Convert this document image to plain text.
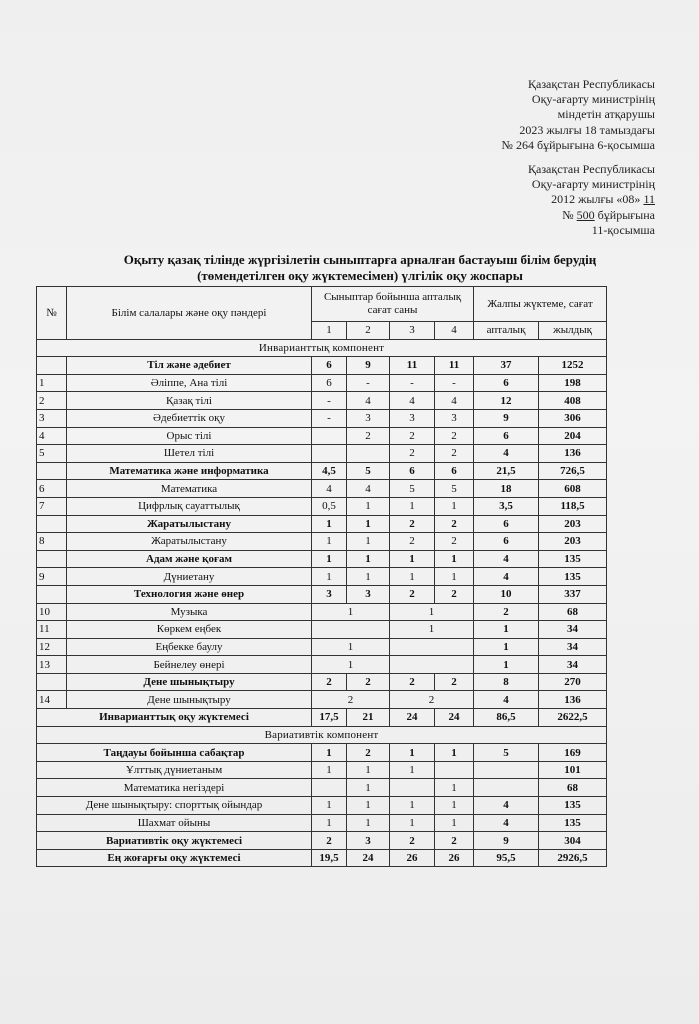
Қазақстан Республикасы
Оқу-ағарту министрінің
міндетін атқарушы
2023 жылғы 18 тамыздағы
№ 264 бұйрығына 6-қосымша
Қазақстан Республикасы
Оқу-ағарту министрінің
2012 жылғы «08» 11
№ 500 бұйрығына
11-қосымша
Оқыту қазақ тілінде жүргізілетін сыныптарға арналған бастауыш білім берудің
(төмендетілген оқу жүктемесімен) үлгілік оқу жоспары
№	Білім салалары және оқу пәндері	Сыныптар бойынша апталық сағат саны				Жалпы жүктеме, сағат	
		1	2	3	4	апталық	жылдық
Инварианттық компонент							
	Тіл және әдебиет	6	9	11	11	37	1252
1	Әліппе, Ана тілі	6	-	-	-	6	198
2	Қазақ тілі	-	4	4	4	12	408
3	Әдебиеттік оқу	-	3	3	3	9	306
4	Орыс тілі		2	2	2	6	204
5	Шетел тілі			2	2	4	136
	Математика және информатика	4,5	5	6	6	21,5	726,5
6	Математика	4	4	5	5	18	608
7	Цифрлық сауаттылық	0,5	1	1	1	3,5	118,5
	Жаратылыстану	1	1	2	2	6	203
8	Жаратылыстану	1	1	2	2	6	203
	Адам және қоғам	1	1	1	1	4	135
9	Дүниетану	1	1	1	1	4	135
	Технология және өнер	3	3	2	2	10	337
10	Музыка	1		1		2	68
11	Көркем еңбек			1		1	34
12	Еңбекке баулу	1				1	34
13	Бейнелеу өнері	1				1	34
	Дене шынықтыру	2	2	2	2	8	270
14	Дене шынықтыру	2		2		4	136
Инварианттық оқу жүктемесі		17,5	21	24	24	86,5	2622,5
Вариативтік компонент							
Таңдауы бойынша сабақтар		1	2	1	1	5	169
Ұлттық дүниетаным		1	1	1			101
Математика негіздері			1		1		68
Дене шынықтыру: спорттық ойындар		1	1	1	1	4	135
Шахмат ойыны		1	1	1	1	4	135
Вариативтік оқу жүктемесі		2	3	2	2	9	304
Ең жоғарғы оқу жүктемесі		19,5	24	26	26	95,5	2926,5
